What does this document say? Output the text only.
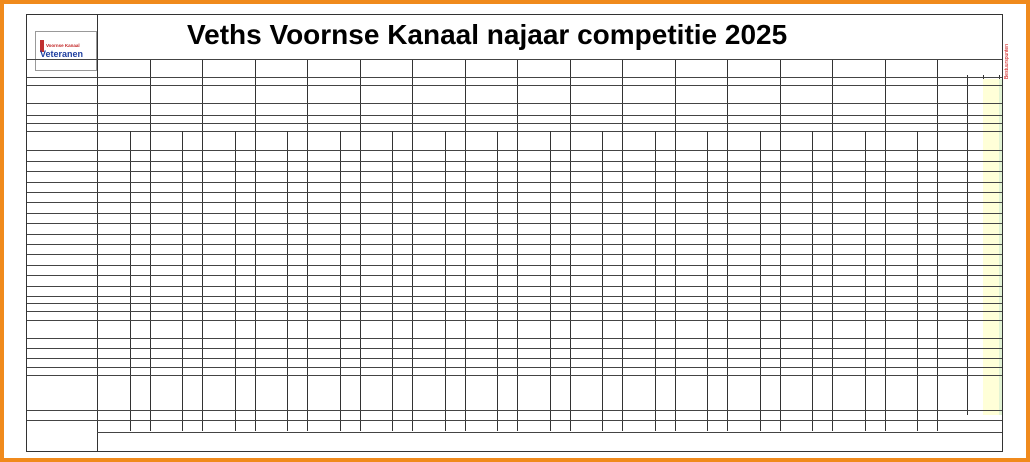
Voornse Kanaal
Veteranen
Veths Voornse Kanaal najaar competitie 2025
Bestuurspunten
